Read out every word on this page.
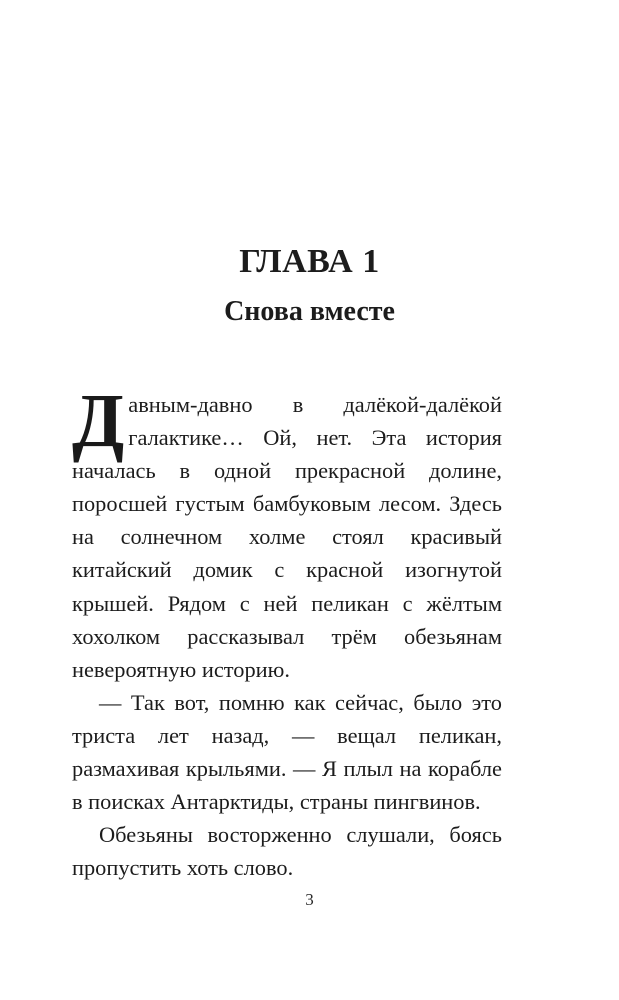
ГЛАВА 1
Снова вместе

Давным-давно в далёкой-далёкой галактике… Ой, нет. Эта история началась в одной прекрасной долине, поросшей густым бамбуковым лесом. Здесь на солнечном холме стоял красивый китайский домик с красной изогнутой крышей. Рядом с ней пеликан с жёлтым хохолком рассказывал трём обезьянам невероятную историю.

— Так вот, помню как сейчас, было это триста лет назад, — вещал пеликан, размахивая крыльями. — Я плыл на корабле в поисках Антарктиды, страны пингвинов.

Обезьяны восторженно слушали, боясь пропустить хоть слово.

3
